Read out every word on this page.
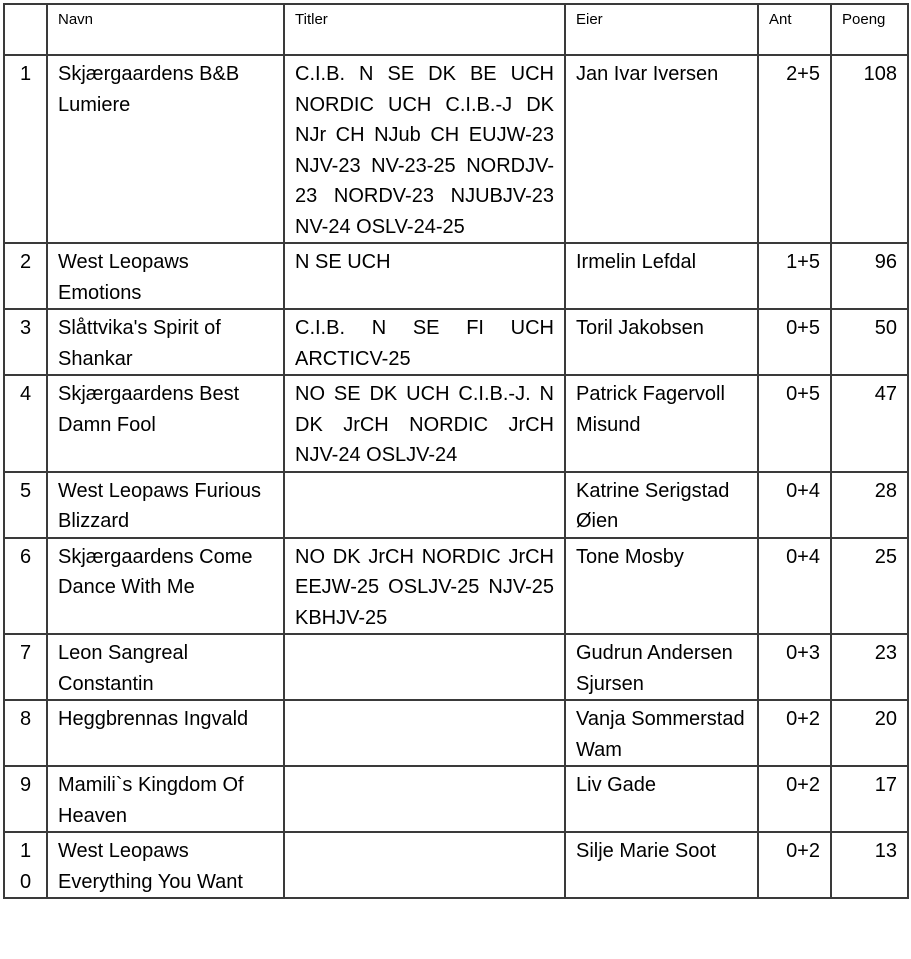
	Navn	Titler	Eier	Ant	Poeng
1	Skjærgaardens B&B Lumiere	C.I.B. N SE DK BE UCH NORDIC UCH C.I.B.-J DK NJr CH NJub CH EUJW-23 NJV-23 NV-23-25 NORDJV-23 NORDV-23 NJUBJV-23 NV-24 OSLV-24-25	Jan Ivar Iversen	2+5	108
2	West Leopaws Emotions	N SE UCH	Irmelin Lefdal	1+5	96
3	Slåttvika's Spirit of Shankar	C.I.B. N SE FI UCH ARCTICV-25	Toril Jakobsen	0+5	50
4	Skjærgaardens Best Damn Fool	NO SE DK UCH C.I.B.-J. N DK JrCH NORDIC JrCH NJV-24 OSLJV-24	Patrick Fagervoll Misund	0+5	47
5	West Leopaws Furious Blizzard		Katrine Serigstad Øien	0+4	28
6	Skjærgaardens Come Dance With Me	NO DK JrCH NORDIC JrCH EEJW-25 OSLJV-25 NJV-25 KBHJV-25	Tone Mosby	0+4	25
7	Leon Sangreal Constantin		Gudrun Andersen Sjursen	0+3	23
8	Heggbrennas Ingvald		Vanja Sommerstad Wam	0+2	20
9	Mamili`s Kingdom Of Heaven		Liv Gade	0+2	17
10	West Leopaws Everything You Want		Silje Marie Soot	0+2	13
